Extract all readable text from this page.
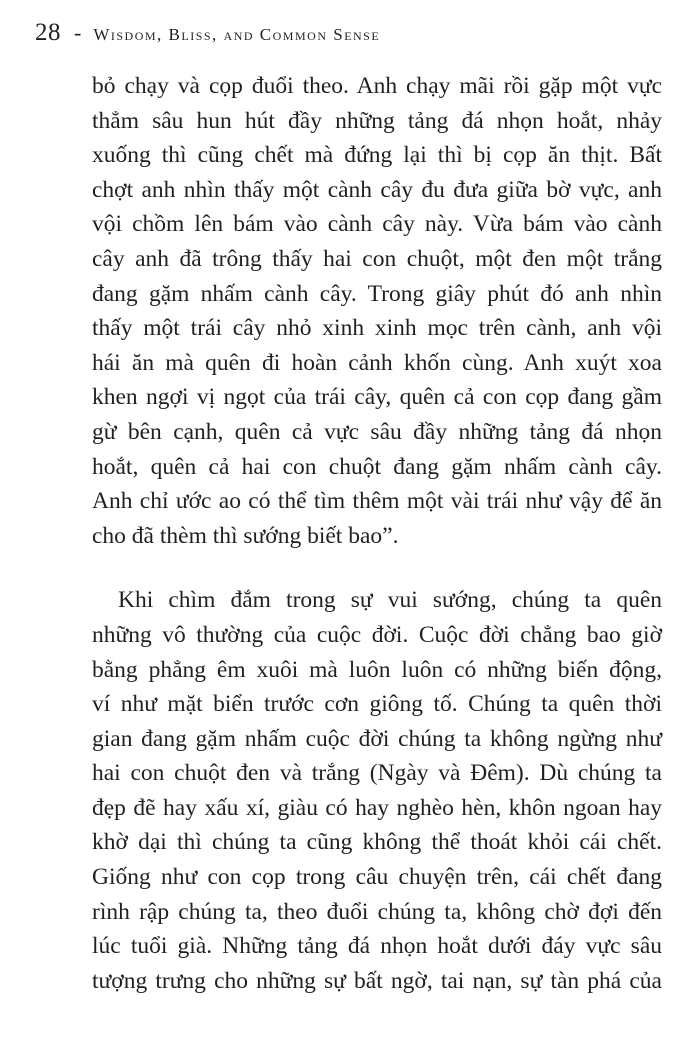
28 - Wisdom, Bliss, and Common Sense
bỏ chạy và cọp đuổi theo. Anh chạy mãi rồi gặp một vực
thẳm sâu hun hút đầy những tảng đá nhọn hoắt, nhảy
xuống thì cũng chết mà đứng lại thì bị cọp ăn thịt. Bất
chợt anh nhìn thấy một cành cây đu đưa giữa bờ vực, anh
vội chồm lên bám vào cành cây này. Vừa bám vào cành
cây anh đã trông thấy hai con chuột, một đen một trắng
đang gặm nhấm cành cây. Trong giây phút đó anh nhìn
thấy một trái cây nhỏ xinh xinh mọc trên cành, anh vội
hái ăn mà quên đi hoàn cảnh khốn cùng. Anh xuýt xoa
khen ngợi vị ngọt của trái cây, quên cả con cọp đang gầm
gừ bên cạnh, quên cả vực sâu đầy những tảng đá nhọn
hoắt, quên cả hai con chuột đang gặm nhấm cành cây.
Anh chỉ ước ao có thể tìm thêm một vài trái như vậy để ăn
cho đã thèm thì sướng biết bao”.
Khi chìm đắm trong sự vui sướng, chúng ta quên
những vô thường của cuộc đời. Cuộc đời chẳng bao giờ
bằng phẳng êm xuôi mà luôn luôn có những biến động,
ví như mặt biển trước cơn giông tố. Chúng ta quên thời
gian đang gặm nhấm cuộc đời chúng ta không ngừng như
hai con chuột đen và trắng (Ngày và Đêm). Dù chúng ta
đẹp đẽ hay xấu xí, giàu có hay nghèo hèn, khôn ngoan hay
khờ dại thì chúng ta cũng không thể thoát khỏi cái chết.
Giống như con cọp trong câu chuyện trên, cái chết đang
rình rập chúng ta, theo đuổi chúng ta, không chờ đợi đến
lúc tuổi già. Những tảng đá nhọn hoắt dưới đáy vực sâu
tượng trưng cho những sự bất ngờ, tai nạn, sự tàn phá của
